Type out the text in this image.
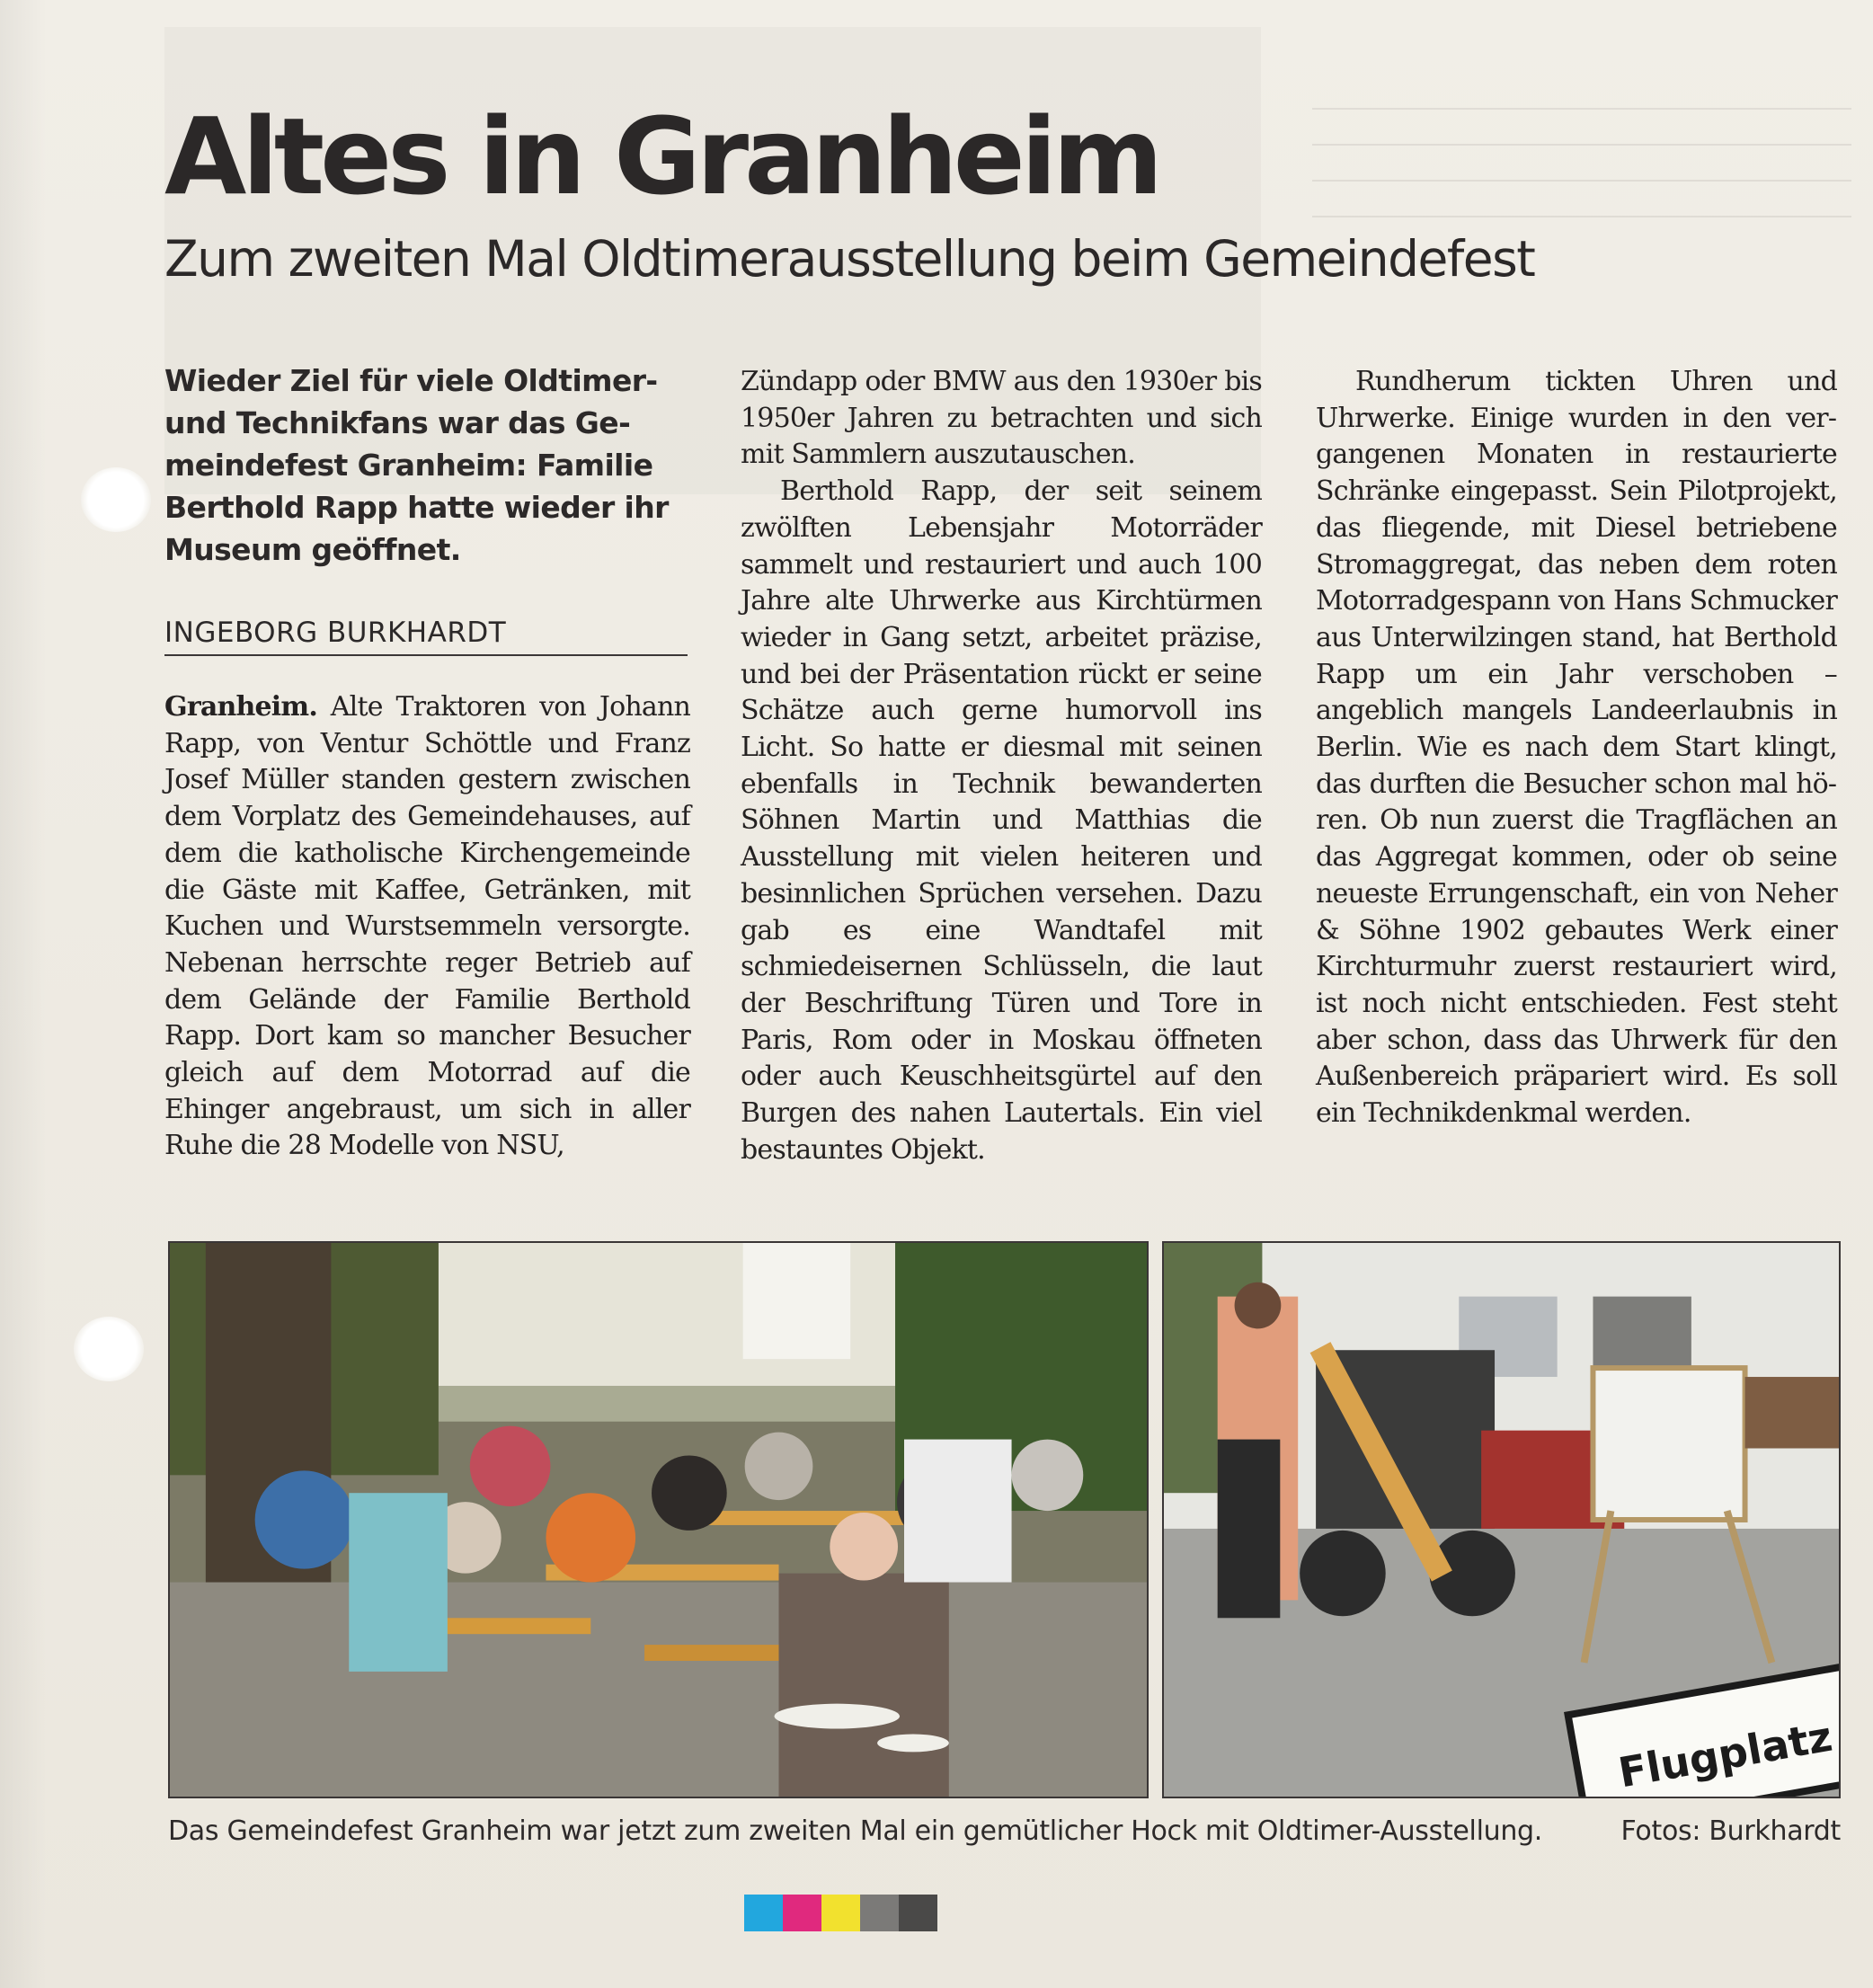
Altes in Granheim
Zum zweiten Mal Oldtimerausstellung beim Gemeindefest

Wieder Ziel für viele Oldtimer- und Technikfans war das Gemeindefest Granheim: Familie Berthold Rapp hatte wieder ihr Museum geöffnet.

INGEBORG BURKHARDT

Granheim. Alte Traktoren von Johann Rapp, von Ventur Schöttle und Franz Josef Müller standen gestern zwischen dem Vorplatz des Gemeindehauses, auf dem die katholische Kirchengemeinde die Gäste mit Kaffee, Getränken, mit Kuchen und Wurstsemmeln versorgte. Nebenan herrschte reger Betrieb auf dem Gelände der Familie Berthold Rapp. Dort kam so mancher Besucher gleich auf dem Motorrad auf die Ehinger angebraust, um sich in aller Ruhe die 28 Modelle von NSU,

Zündapp oder BMW aus den 1930er bis 1950er Jahren zu betrachten und sich mit Sammlern auszutauschen.

Berthold Rapp, der seit seinem zwölften Lebensjahr Motorräder sammelt und restauriert und auch 100 Jahre alte Uhrwerke aus Kirchtürmen wieder in Gang setzt, arbeitet präzise, und bei der Präsentation rückt er seine Schätze auch gerne humorvoll ins Licht. So hatte er diesmal mit seinen ebenfalls in Technik bewanderten Söhnen Martin und Matthias die Ausstellung mit vielen heiteren und besinnlichen Sprüchen versehen. Dazu gab es eine Wandtafel mit schmiedeisernen Schlüsseln, die laut der Beschriftung Türen und Tore in Paris, Rom oder in Moskau öffneten oder auch Keuschheitsgürtel auf den Burgen des nahen Lautertals. Ein viel bestauntes Objekt.

Rundherum tickten Uhren und Uhrwerke. Einige wurden in den vergangenen Monaten in restaurierte Schränke eingepasst. Sein Pilotprojekt, das fliegende, mit Diesel betriebene Stromaggregat, das neben dem roten Motorradgespann von Hans Schmucker aus Unterwilzingen stand, hat Berthold Rapp um ein Jahr verschoben – angeblich mangels Landeerlaubnis in Berlin. Wie es nach dem Start klingt, das durften die Besucher schon mal hören. Ob nun zuerst die Tragflächen an das Aggregat kommen, oder ob seine neueste Errungenschaft, ein von Neher & Söhne 1902 gebautes Werk einer Kirchturmuhr zuerst restauriert wird, ist noch nicht entschieden. Fest steht aber schon, dass das Uhrwerk für den Außenbereich präpariert wird. Es soll ein Technikdenkmal werden.

Flugplatz
Das Gemeindefest Granheim war jetzt zum zweiten Mal ein gemütlicher Hock mit Oldtimer-Ausstellung.	Fotos: Burkhardt
